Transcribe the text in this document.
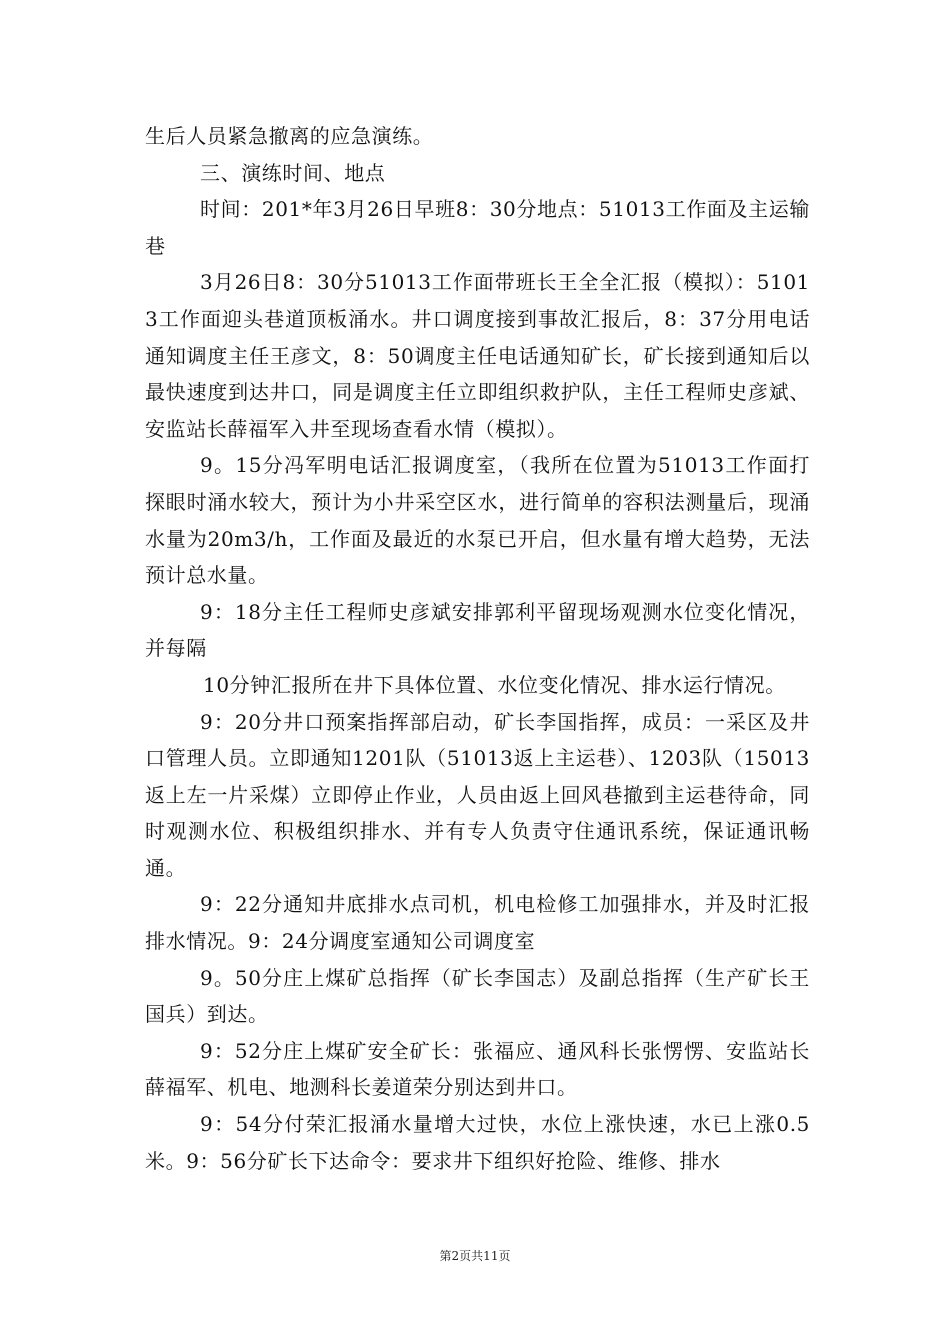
生后人员紧急撤离的应急演练。

三、演练时间、地点

时间：201*年3月26日早班8：30分地点：51013工作面及主运输巷

3月26日8：30分51013工作面带班长王全全汇报（模拟）：51013工作面迎头巷道顶板涌水。井口调度接到事故汇报后，8：37分用电话通知调度主任王彦文，8：50调度主任电话通知矿长，矿长接到通知后以最快速度到达井口，同是调度主任立即组织救护队，主任工程师史彦斌、安监站长薛福军入井至现场查看水情（模拟）。

9。15分冯军明电话汇报调度室，（我所在位置为51013工作面打探眼时涌水较大，预计为小井采空区水，进行简单的容积法测量后，现涌水量为20m3/h，工作面及最近的水泵已开启，但水量有增大趋势，无法预计总水量。

9：18分主任工程师史彦斌安排郭利平留现场观测水位变化情况，并每隔

10分钟汇报所在井下具体位置、水位变化情况、排水运行情况。

9：20分井口预案指挥部启动，矿长李国指挥，成员：一采区及井口管理人员。立即通知1201队（51013返上主运巷）、1203队（15013返上左一片采煤）立即停止作业，人员由返上回风巷撤到主运巷待命，同时观测水位、积极组织排水、并有专人负责守住通讯系统，保证通讯畅通。

9：22分通知井底排水点司机，机电检修工加强排水，并及时汇报排水情况。9：24分调度室通知公司调度室

9。50分庄上煤矿总指挥（矿长李国志）及副总指挥（生产矿长王国兵）到达。

9：52分庄上煤矿安全矿长：张福应、通风科长张愣愣、安监站长薛福军、机电、地测科长姜道荣分别达到井口。

9：54分付荣汇报涌水量增大过快，水位上涨快速，水已上涨0.5米。9：56分矿长下达命令：要求井下组织好抢险、维修、排水

第2页共11页
